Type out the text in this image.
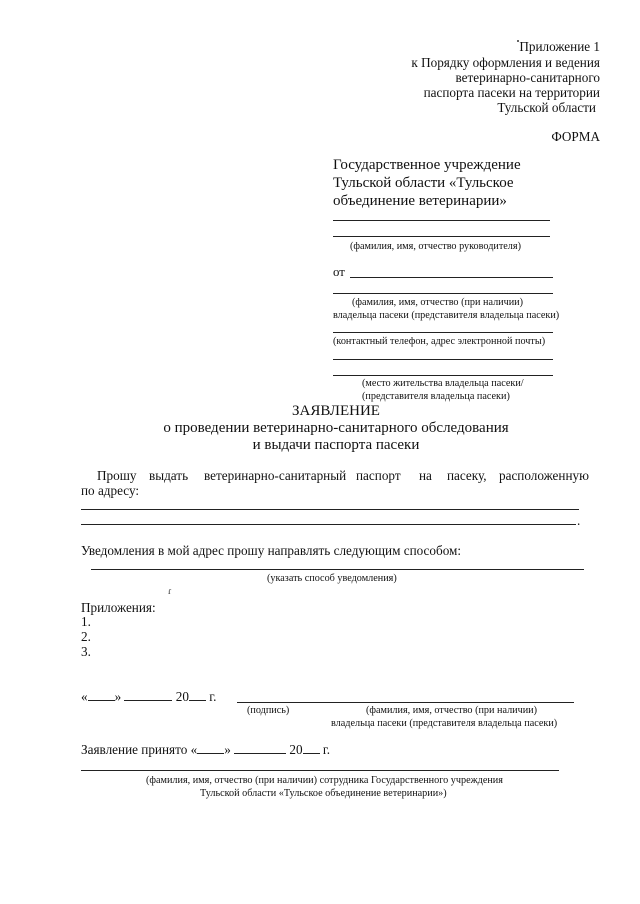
Приложение 1
к Порядку оформления и ведения
ветеринарно-санитарного
паспорта пасеки на территории
Тульской области
ФОРМА
Государственное учреждение
Тульской области «Тульское
объединение ветеринарии»
(фамилия, имя, отчество руководителя)
от
(фамилия, имя, отчество (при наличии)
владельца пасеки (представителя владельца пасеки)
(контактный телефон, адрес электронной почты)
(место жительства владельца пасеки/
(представителя владельца пасеки)
ЗАЯВЛЕНИЕ
о проведении ветеринарно-санитарного обследования
и выдачи паспорта пасеки
Прошу выдать ветеринарно-санитарный паспорт на пасеку, расположенную
по адресу:
.
Уведомления в мой адрес прошу направлять следующим способом:
(указать способ уведомления)
ɾ
Приложения:
1.
2.
3.
« »	20 г.
(подпись)	(фамилия, имя, отчество (при наличии)
владельца пасеки (представителя владельца пасеки)
Заявление принято « »	20 г.
(фамилия, имя, отчество (при наличии) сотрудника Государственного учреждения
Тульской области «Тульское объединение ветеринарии»)
